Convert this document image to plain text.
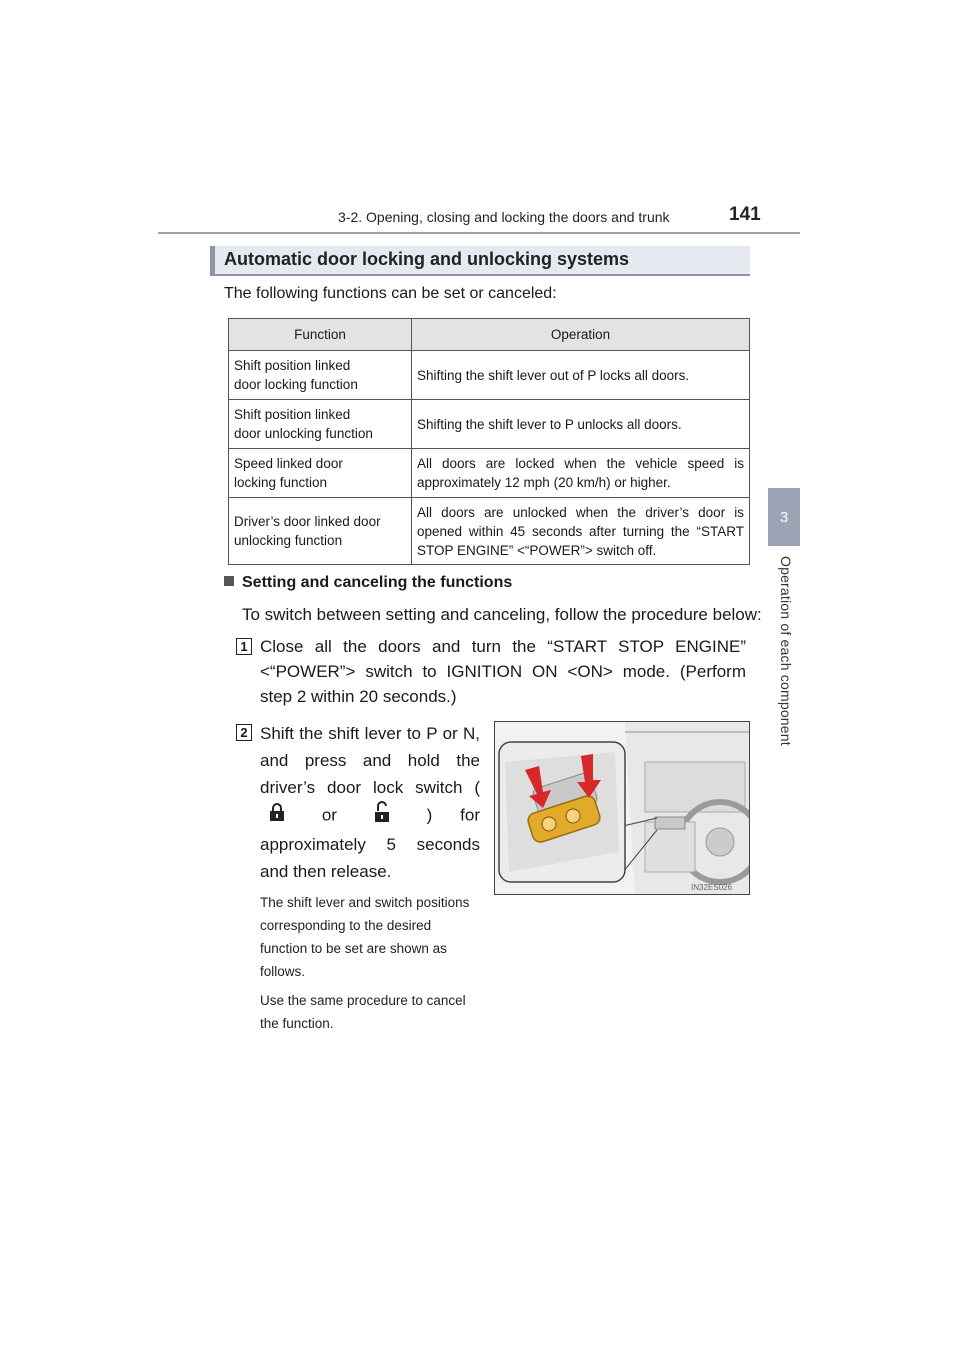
3-2. Opening, closing and locking the doors and trunk	141
3
Operation of each component
Automatic door locking and unlocking systems
The following functions can be set or canceled:
Function	Operation
Shift position linked
door locking function	Shifting the shift lever out of P locks all doors.
Shift position linked
door unlocking function	Shifting the shift lever to P unlocks all doors.
Speed linked door
locking function	All doors are locked when the vehicle speed is approximately 12 mph (20 km/h) or higher.
Driver’s door linked door
unlocking function	All doors are unlocked when the driver’s door is opened within 45 seconds after turning the “START STOP ENGINE” <“POWER”> switch off.
Setting and canceling the functions
To switch between setting and canceling, follow the procedure below:
1 Close all the doors and turn the “START STOP ENGINE” <“POWER”> switch to IGNITION ON <ON> mode. (Perform step 2 within 20 seconds.)
2 Shift the shift lever to P or N, and press and hold the driver’s door lock switch (  or	) for approximately 5 seconds and then release.
The shift lever and switch positions corresponding to the desired function to be set are shown as follows.
Use the same procedure to cancel the function.
IN32ES026
